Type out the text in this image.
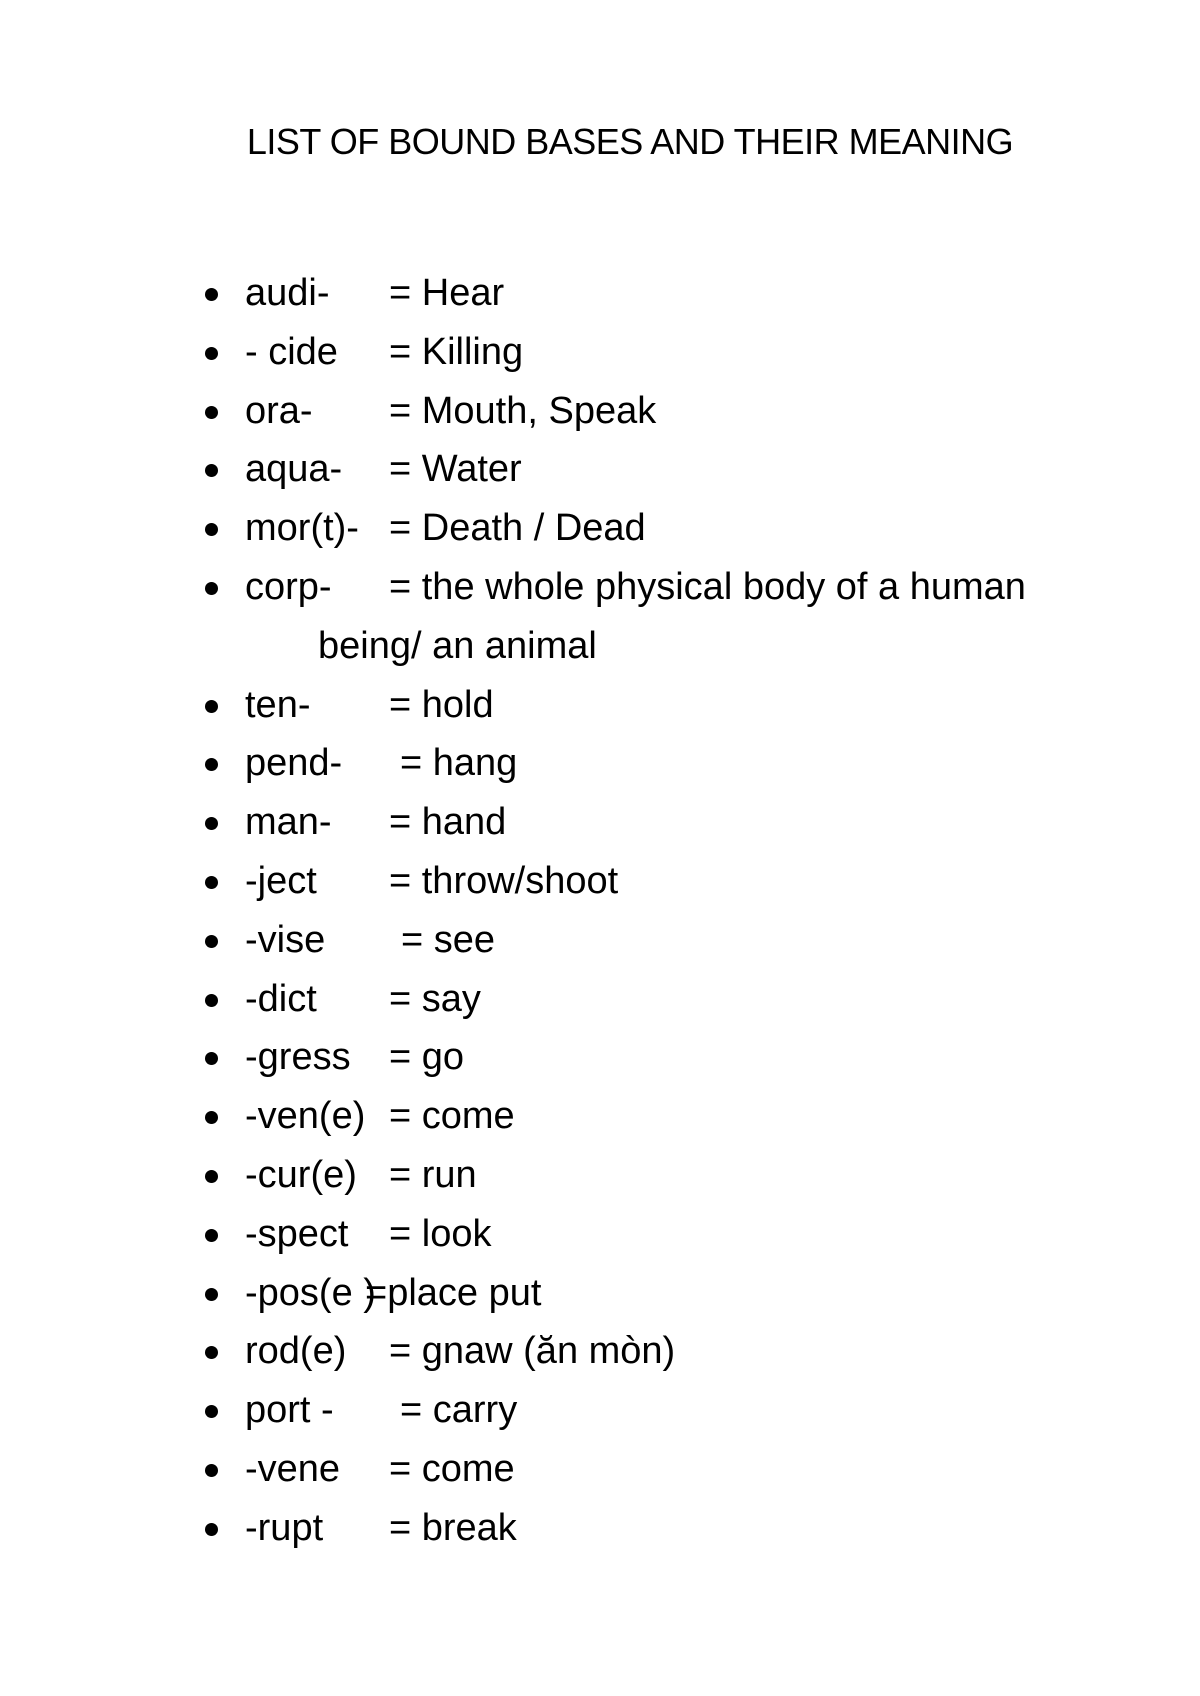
LIST OF BOUND BASES AND THEIR MEANING
audi- = Hear
- cide = Killing
ora- = Mouth, Speak
aqua- = Water
mor(t)- = Death / Dead
corp- = the whole physical body of a human
being/ an animal
ten- = hold
pend- = hang
man- = hand
-ject = throw/shoot
-vise = see
-dict = say
-gress = go
-ven(e) = come
-cur(e) = run
-spect = look
-pos(e )
=place put
rod(e) = gnaw (ăn mòn)
port - = carry
-vene = come
-rupt = break
